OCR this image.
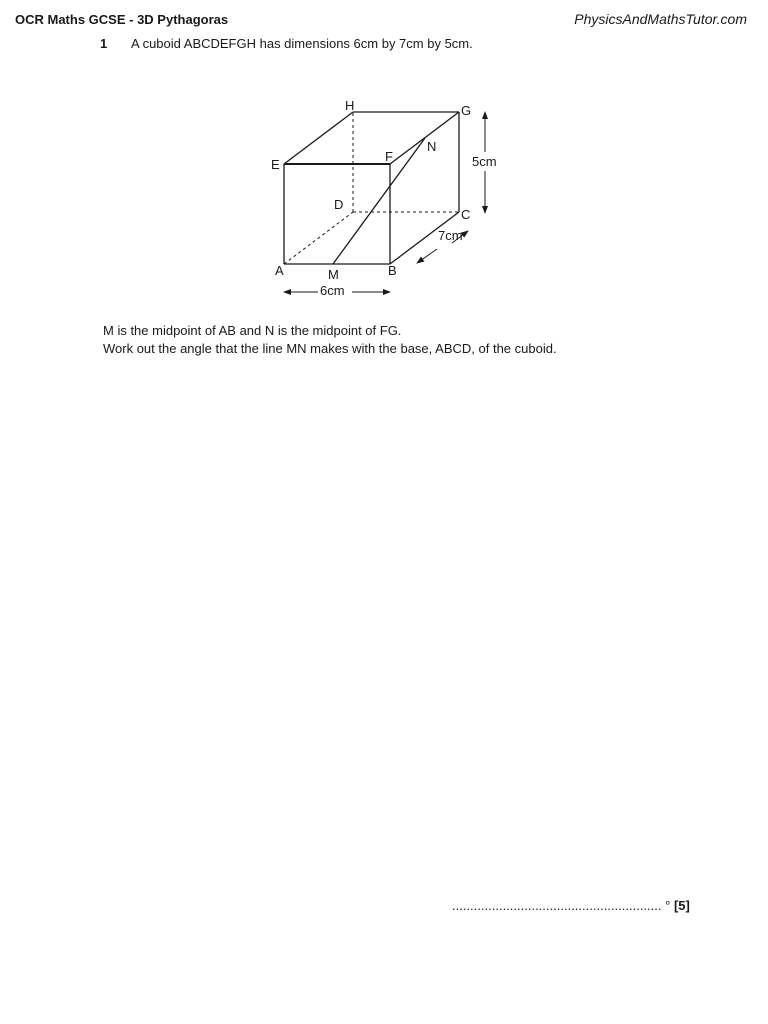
OCR Maths GCSE - 3D Pythagoras	PhysicsAndMathsTutor.com
1 A cuboid ABCDEFGH has dimensions 6cm by 7cm by 5cm.
A	B
C
D
E
F
G
H
M
N
6cm
5cm
7cm
M is the midpoint of AB and N is the midpoint of FG.
Work out the angle that the line MN makes with the base, ABCD, of the cuboid.
.......................................................... ° [5]
